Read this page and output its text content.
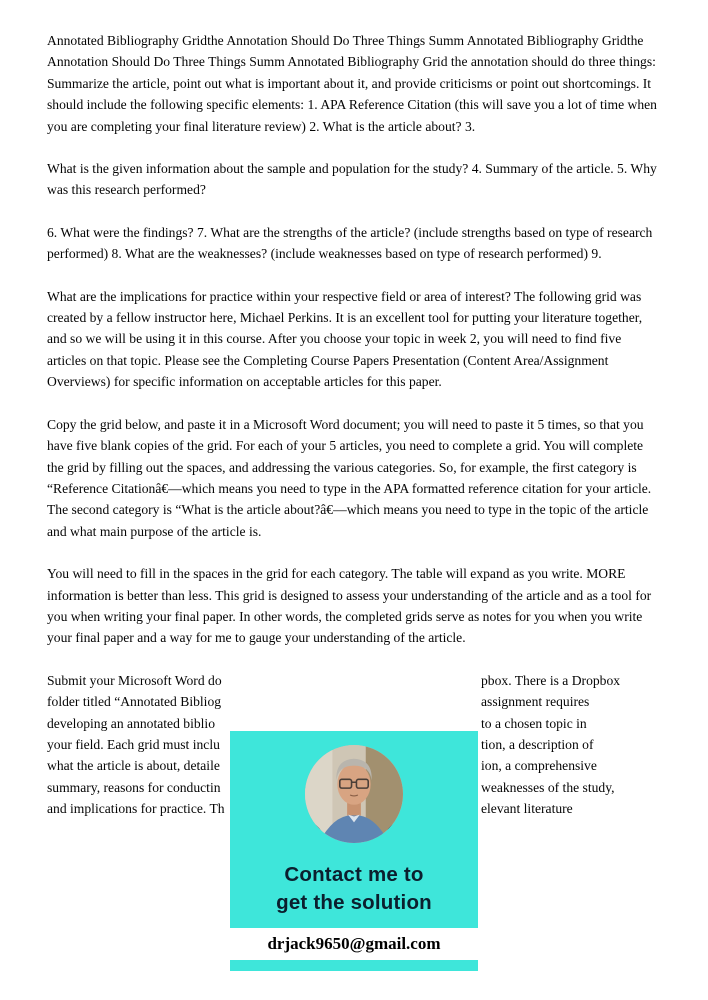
Annotated Bibliography Gridthe Annotation Should Do Three Things Summ Annotated Bibliography Gridthe Annotation Should Do Three Things Summ Annotated Bibliography Grid the annotation should do three things: Summarize the article, point out what is important about it, and provide criticisms or point out shortcomings. It should include the following specific elements: 1. APA Reference Citation (this will save you a lot of time when you are completing your final literature review) 2. What is the article about? 3.

What is the given information about the sample and population for the study? 4. Summary of the article. 5. Why was this research performed?

6. What were the findings? 7. What are the strengths of the article? (include strengths based on type of research performed) 8. What are the weaknesses? (include weaknesses based on type of research performed) 9.

What are the implications for practice within your respective field or area of interest? The following grid was created by a fellow instructor here, Michael Perkins. It is an excellent tool for putting your literature together, and so we will be using it in this course. After you choose your topic in week 2, you will need to find five articles on that topic. Please see the Completing Course Papers Presentation (Content Area/Assignment Overviews) for specific information on acceptable articles for this paper.

Copy the grid below, and paste it in a Microsoft Word document; you will need to paste it 5 times, so that you have five blank copies of the grid. For each of your 5 articles, you need to complete a grid. You will complete the grid by filling out the spaces, and addressing the various categories. So, for example, the first category is “Reference Citationâ€—which means you need to type in the APA formatted reference citation for your article. The second category is “What is the article about?â€—which means you need to type in the topic of the article and what main purpose of the article is.

You will need to fill in the spaces in the grid for each category. The table will expand as you write. MORE information is better than less. This grid is designed to assess your understanding of the article and as a tool for you when writing your final paper. In other words, the completed grids serve as notes for you when you write your final paper and a way for me to gauge your understanding of the article.

Submit your Microsoft Word do	pbox. There is a Dropbox
folder titled “Annotated Bibliog	assignment requires
developing an annotated biblio	to a chosen topic in
your field. Each grid must inclu	tion, a description of
what the article is about, detaile	ion, a comprehensive
summary, reasons for conductin	weaknesses of the study,
and implications for practice. Th	elevant literature
Contact me to
get the solution
drjack9650@gmail.com
